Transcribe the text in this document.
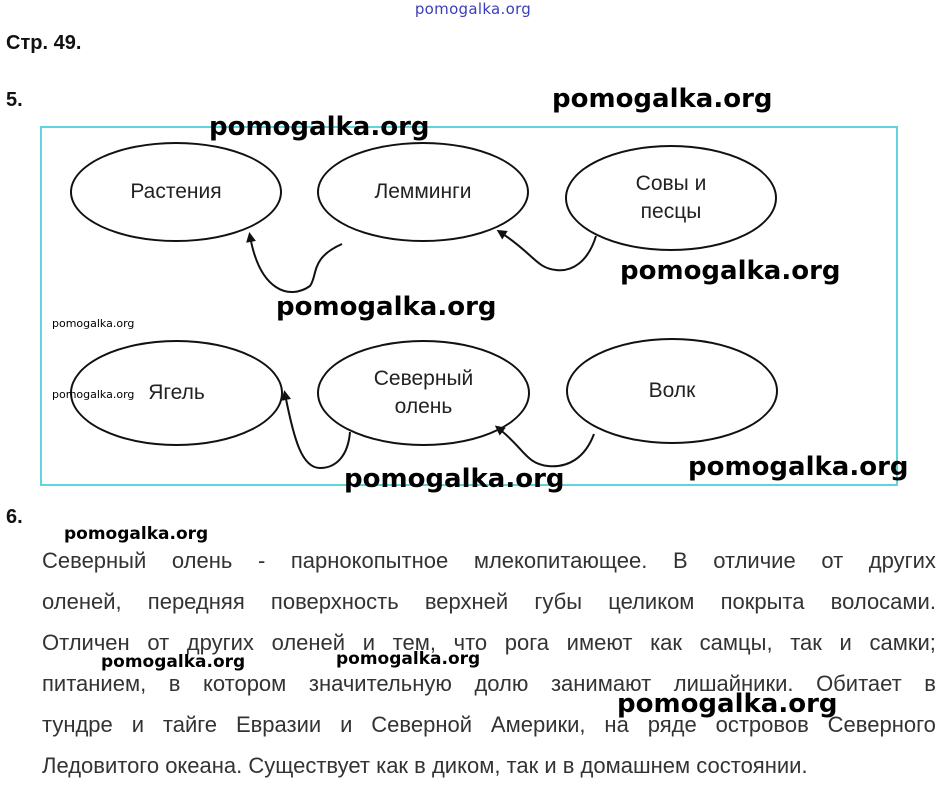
pomogalka.org
Стр. 49.
5.
Растения	Лемминги	Совы и
песцы
Ягель
Северный
олень
Волк
6.
Северный олень - парнокопытное млекопитающее. В отличие от других
оленей, передняя поверхность верхней губы целиком покрыта волосами.
Отличен от других оленей и тем, что рога имеют как самцы, так и самки;
питанием, в котором значительную долю занимают лишайники. Обитает в
тундре и тайге Евразии и Северной Америки, на ряде островов Северного
Ледовитого океана. Существует как в диком, так и в домашнем состоянии.
pomogalka.org
pomogalka.org
pomogalka.org
pomogalka.org
pomogalka.org
pomogalka.org
pomogalka.org
pomogalka.org
pomogalka.org
pomogalka.org
pomogalka.org
pomogalka.org
